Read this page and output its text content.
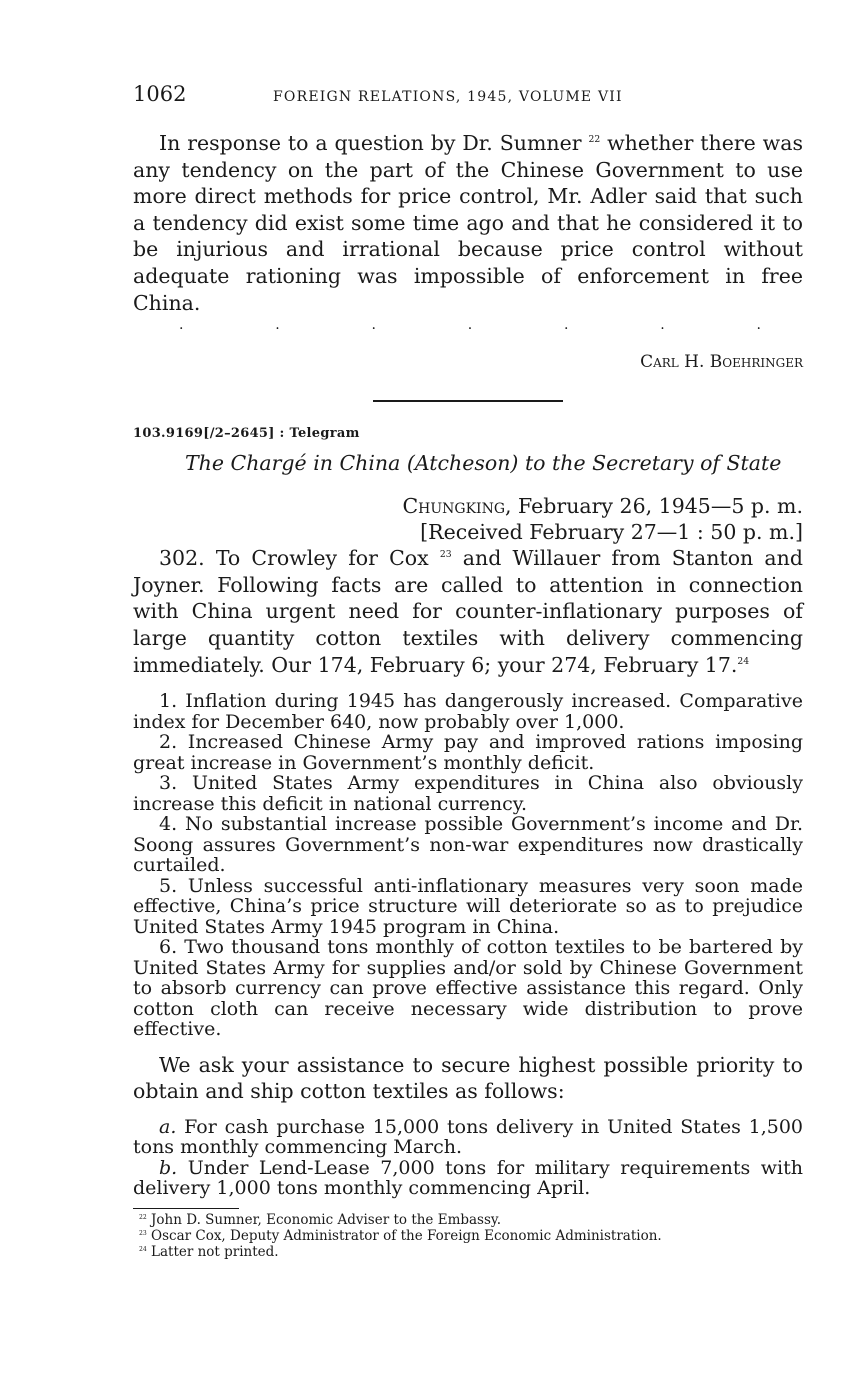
1062	FOREIGN RELATIONS, 1945, VOLUME VII

In response to a question by Dr. Sumner $^{22}$ whether there was any tendency on the part of the Chinese Government to use more direct methods for price control, Mr. Adler said that such a tendency did exist some time ago and that he considered it to be injurious and irrational because price control without adequate rationing was impossible of enforcement in free China.

.	.	.	.	.	.	.
Carl H. Boehringer
103.9169[/2–2645] : Telegram
The Chargé in China (Atcheson) to the Secretary of State
Chungking, February 26, 1945—5 p. m.
[Received February 27—1 : 50 p. m.]

302. To Crowley for Cox $^{23}$ and Willauer from Stanton and Joyner. Following facts are called to attention in connection with China urgent need for counter-inflationary purposes of large quantity cotton textiles with delivery commencing immediately. Our 174, February 6; your 274, February 17.24

1. Inflation during 1945 has dangerously increased. Comparative index for December 640, now probably over 1,000.
2. Increased Chinese Army pay and improved rations imposing great increase in Government’s monthly deficit.
3. United States Army expenditures in China also obviously increase this deficit in national currency.
4. No substantial increase possible Government’s income and Dr. Soong assures Government’s non-war expenditures now drastically curtailed.
5. Unless successful anti-inflationary measures very soon made effective, China’s price structure will deteriorate so as to prejudice United States Army 1945 program in China.
6. Two thousand tons monthly of cotton textiles to be bartered by United States Army for supplies and/or sold by Chinese Government to absorb currency can prove effective assistance this regard. Only cotton cloth can receive necessary wide distribution to prove effective.

We ask your assistance to secure highest possible priority to obtain and ship cotton textiles as follows:

a. For cash purchase 15,000 tons delivery in United States 1,500 tons monthly commencing March.
b. Under Lend-Lease 7,000 tons for military requirements with delivery 1,000 tons monthly commencing April.
$^{22}$ John D. Sumner, Economic Adviser to the Embassy.
$^{23}$ Oscar Cox, Deputy Administrator of the Foreign Economic Administration.
$^{24}$ Latter not printed.
